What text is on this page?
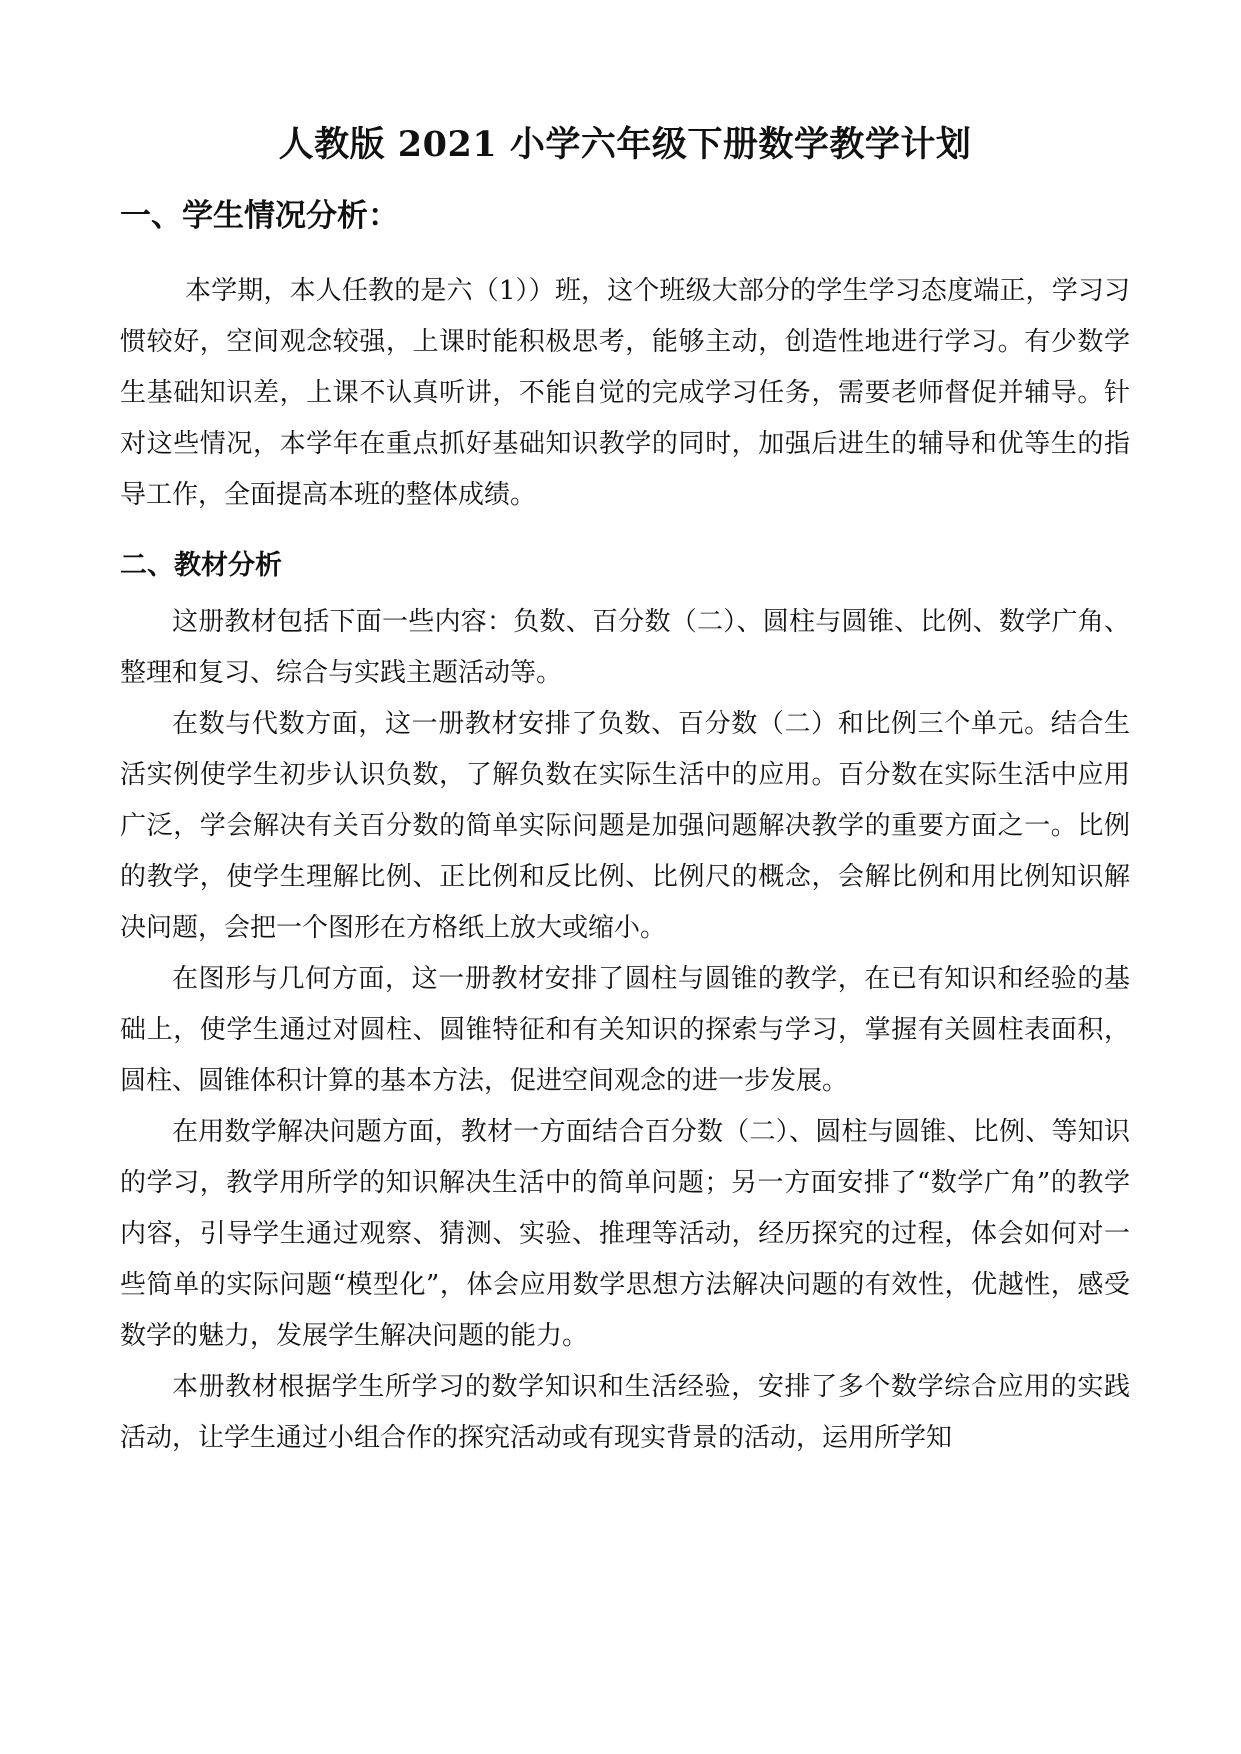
人教版 2021 小学六年级下册数学教学计划
一、学生情况分析：

本学期，本人任教的是六（1））班，这个班级大部分的学生学习态度端正，学习习惯较好，空间观念较强，上课时能积极思考，能够主动，创造性地进行学习。有少数学生基础知识差，上课不认真听讲，不能自觉的完成学习任务，需要老师督促并辅导。针对这些情况，本学年在重点抓好基础知识教学的同时，加强后进生的辅导和优等生的指导工作，全面提高本班的整体成绩。

二、教材分析

这册教材包括下面一些内容：负数、百分数（二）、圆柱与圆锥、比例、数学广角、整理和复习、综合与实践主题活动等。

在数与代数方面，这一册教材安排了负数、百分数（二）和比例三个单元。结合生活实例使学生初步认识负数，了解负数在实际生活中的应用。百分数在实际生活中应用广泛，学会解决有关百分数的简单实际问题是加强问题解决教学的重要方面之一。比例的教学，使学生理解比例、正比例和反比例、比例尺的概念，会解比例和用比例知识解决问题，会把一个图形在方格纸上放大或缩小。

在图形与几何方面，这一册教材安排了圆柱与圆锥的教学，在已有知识和经验的基础上，使学生通过对圆柱、圆锥特征和有关知识的探索与学习，掌握有关圆柱表面积，圆柱、圆锥体积计算的基本方法，促进空间观念的进一步发展。

在用数学解决问题方面，教材一方面结合百分数（二）、圆柱与圆锥、比例、等知识的学习，教学用所学的知识解决生活中的简单问题；另一方面安排了“数学广角”的教学内容，引导学生通过观察、猜测、实验、推理等活动，经历探究的过程，体会如何对一些简单的实际问题“模型化”，体会应用数学思想方法解决问题的有效性，优越性，感受数学的魅力，发展学生解决问题的能力。

本册教材根据学生所学习的数学知识和生活经验，安排了多个数学综合应用的实践活动，让学生通过小组合作的探究活动或有现实背景的活动，运用所学知
